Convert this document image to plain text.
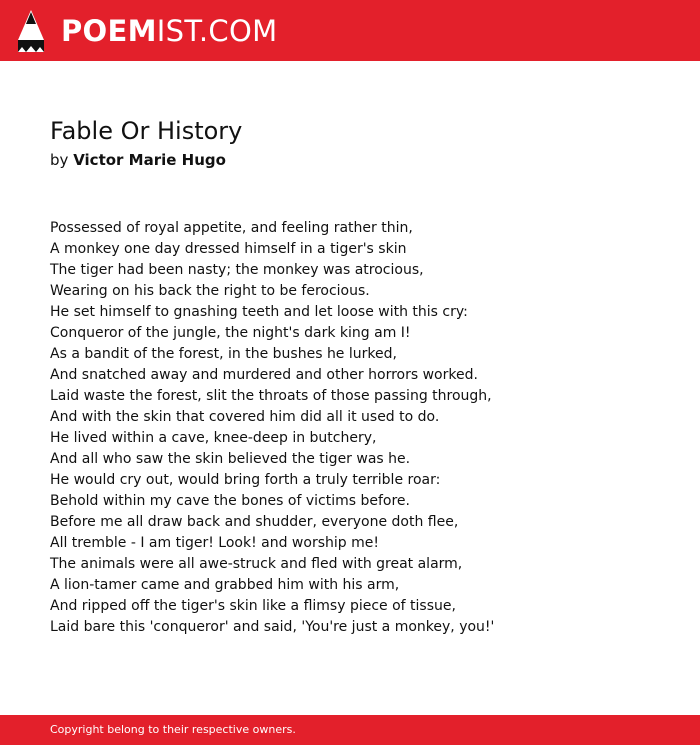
POEMIST.COM
Fable Or History

by Victor Marie Hugo

Possessed of royal appetite, and feeling rather thin,
A monkey one day dressed himself in a tiger's skin
The tiger had been nasty; the monkey was atrocious,
Wearing on his back the right to be ferocious.
He set himself to gnashing teeth and let loose with this cry:
Conqueror of the jungle, the night's dark king am I!
As a bandit of the forest, in the bushes he lurked,
And snatched away and murdered and other horrors worked.
Laid waste the forest, slit the throats of those passing through,
And with the skin that covered him did all it used to do.
He lived within a cave, knee-deep in butchery,
And all who saw the skin believed the tiger was he.
He would cry out, would bring forth a truly terrible roar:
Behold within my cave the bones of victims before.
Before me all draw back and shudder, everyone doth flee,
All tremble - I am tiger! Look! and worship me!
The animals were all awe-struck and fled with great alarm,
A lion-tamer came and grabbed him with his arm,
And ripped off the tiger's skin like a flimsy piece of tissue,
Laid bare this 'conqueror' and said, 'You're just a monkey, you!'
Copyright belong to their respective owners.
